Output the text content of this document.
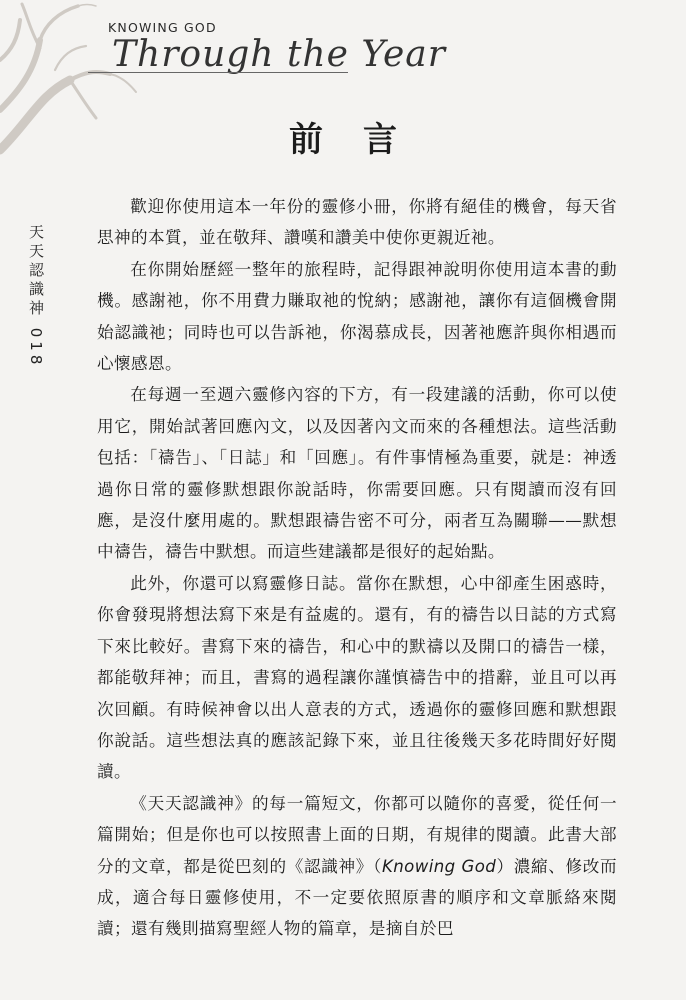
KNOWING GOD
Through the Year
天天認識神 018
前言

歡迎你使用這本一年份的靈修小冊，你將有絕佳的機會，每天省思神的本質，並在敬拜、讚嘆和讚美中使你更親近祂。

在你開始歷經一整年的旅程時，記得跟神說明你使用這本書的動機。感謝祂，你不用費力賺取祂的悅納；感謝祂，讓你有這個機會開始認識祂；同時也可以告訴祂，你渴慕成長，因著祂應許與你相遇而心懷感恩。

在每週一至週六靈修內容的下方，有一段建議的活動，你可以使用它，開始試著回應內文，以及因著內文而來的各種想法。這些活動包括：「禱告」、「日誌」和「回應」。有件事情極為重要，就是：神透過你日常的靈修默想跟你說話時，你需要回應。只有閱讀而沒有回應，是沒什麼用處的。默想跟禱告密不可分，兩者互為關聯——默想中禱告，禱告中默想。而這些建議都是很好的起始點。

此外，你還可以寫靈修日誌。當你在默想，心中卻產生困惑時，你會發現將想法寫下來是有益處的。還有，有的禱告以日誌的方式寫下來比較好。書寫下來的禱告，和心中的默禱以及開口的禱告一樣，都能敬拜神；而且，書寫的過程讓你謹慎禱告中的措辭，並且可以再次回顧。有時候神會以出人意表的方式，透過你的靈修回應和默想跟你說話。這些想法真的應該記錄下來，並且往後幾天多花時間好好閱讀。

《天天認識神》的每一篇短文，你都可以隨你的喜愛，從任何一篇開始；但是你也可以按照書上面的日期，有規律的閱讀。此書大部分的文章，都是從巴刻的《認識神》（Knowing God）濃縮、修改而成，適合每日靈修使用，不一定要依照原書的順序和文章脈絡來閱讀；還有幾則描寫聖經人物的篇章，是摘自於巴
